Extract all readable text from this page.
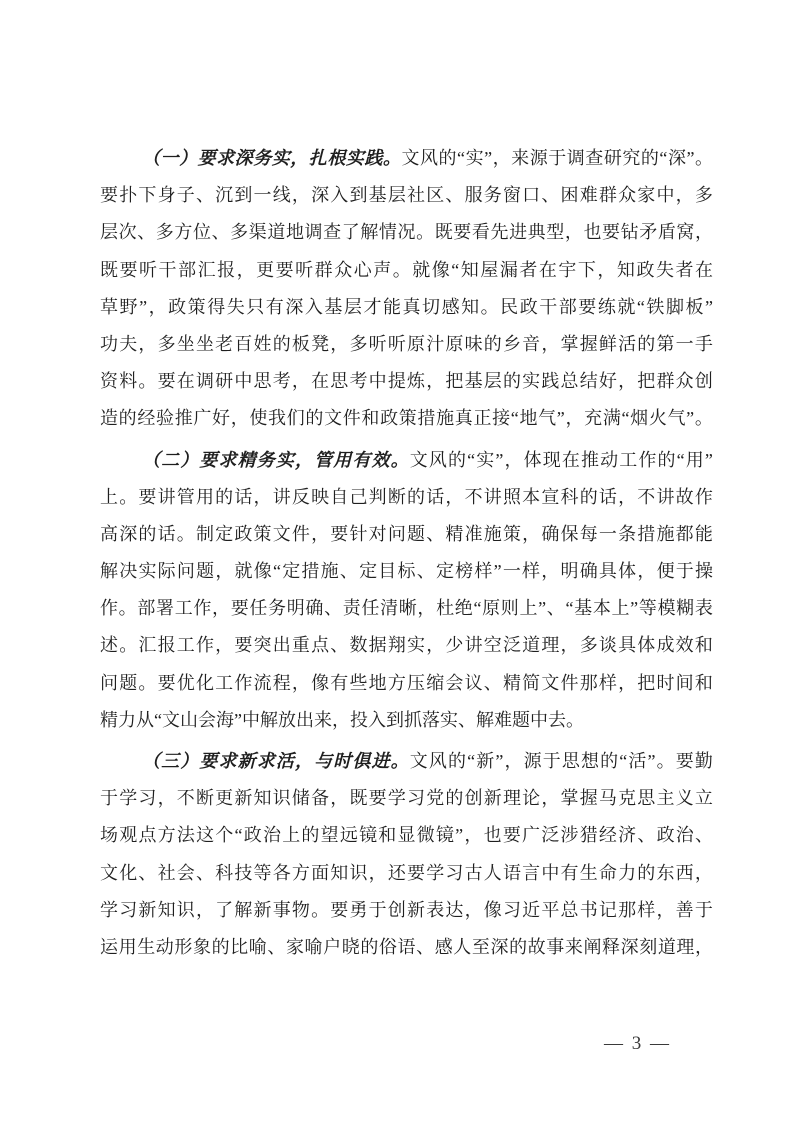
（ 一 ） 要 求 深 务 实 ， 扎 根 实 践 。 文 风 的 “ 实 ” ， 来 源 于 调 查 研 究 的 “ 深 ” 。
要 扑 下 身 子 、 沉 到 一 线 ， 深 入 到 基 层 社 区 、 服 务 窗 口 、 困 难 群 众 家 中 ， 多
层 次 、 多 方 位 、 多 渠 道 地 调 查 了 解 情 况 。 既 要 看 先 进 典 型 ， 也 要 钻 矛 盾 窝 ，
既 要 听 干 部 汇 报 ， 更 要 听 群 众 心 声 。 就 像 “ 知 屋 漏 者 在 宇 下 ， 知 政 失 者 在
草 野 ” ， 政 策 得 失 只 有 深 入 基 层 才 能 真 切 感 知 。 民 政 干 部 要 练 就 “ 铁 脚 板 ”
功 夫 ， 多 坐 坐 老 百 姓 的 板 凳 ， 多 听 听 原 汁 原 味 的 乡 音 ， 掌 握 鲜 活 的 第 一 手
资 料 。 要 在 调 研 中 思 考 ， 在 思 考 中 提 炼 ， 把 基 层 的 实 践 总 结 好 ， 把 群 众 创
造 的 经 验 推 广 好 ， 使 我 们 的 文 件 和 政 策 措 施 真 正 接 “ 地 气 ” ， 充 满 “ 烟 火 气 ” 。
（ 二 ） 要 求 精 务 实 ， 管 用 有 效 。 文 风 的 “ 实 ” ， 体 现 在 推 动 工 作 的 “ 用 ”
上 。 要 讲 管 用 的 话 ， 讲 反 映 自 己 判 断 的 话 ， 不 讲 照 本 宣 科 的 话 ， 不 讲 故 作
高 深 的 话 。 制 定 政 策 文 件 ， 要 针 对 问 题 、 精 准 施 策 ， 确 保 每 一 条 措 施 都 能
解 决 实 际 问 题 ， 就 像 “ 定 措 施 、 定 目 标 、 定 榜 样 ” 一 样 ， 明 确 具 体 ， 便 于 操
作 。 部 署 工 作 ， 要 任 务 明 确 、 责 任 清 晰 ， 杜 绝 “ 原 则 上 ” 、 “ 基 本 上 ” 等 模 糊 表
述 。 汇 报 工 作 ， 要 突 出 重 点 、 数 据 翔 实 ， 少 讲 空 泛 道 理 ， 多 谈 具 体 成 效 和
问 题 。 要 优 化 工 作 流 程 ， 像 有 些 地 方 压 缩 会 议 、 精 简 文 件 那 样 ， 把 时 间 和
精力从“文山会海”中解放出来，投入到抓落实、解难题中去。
（ 三 ） 要 求 新 求 活 ， 与 时 俱 进 。 文 风 的 “ 新 ” ， 源 于 思 想 的 “ 活 ” 。 要 勤
于 学 习 ， 不 断 更 新 知 识 储 备 ， 既 要 学 习 党 的 创 新 理 论 ， 掌 握 马 克 思 主 义 立
场 观 点 方 法 这 个 “ 政 治 上 的 望 远 镜 和 显 微 镜 ” ， 也 要 广 泛 涉 猎 经 济 、 政 治 、
文 化 、 社 会 、 科 技 等 各 方 面 知 识 ， 还 要 学 习 古 人 语 言 中 有 生 命 力 的 东 西 ，
学 习 新 知 识 ， 了 解 新 事 物 。 要 勇 于 创 新 表 达 ， 像 习 近 平 总 书 记 那 样 ， 善 于
运 用 生 动 形 象 的 比 喻 、 家 喻 户 晓 的 俗 语 、 感 人 至 深 的 故 事 来 阐 释 深 刻 道 理 ，
— 3 —
